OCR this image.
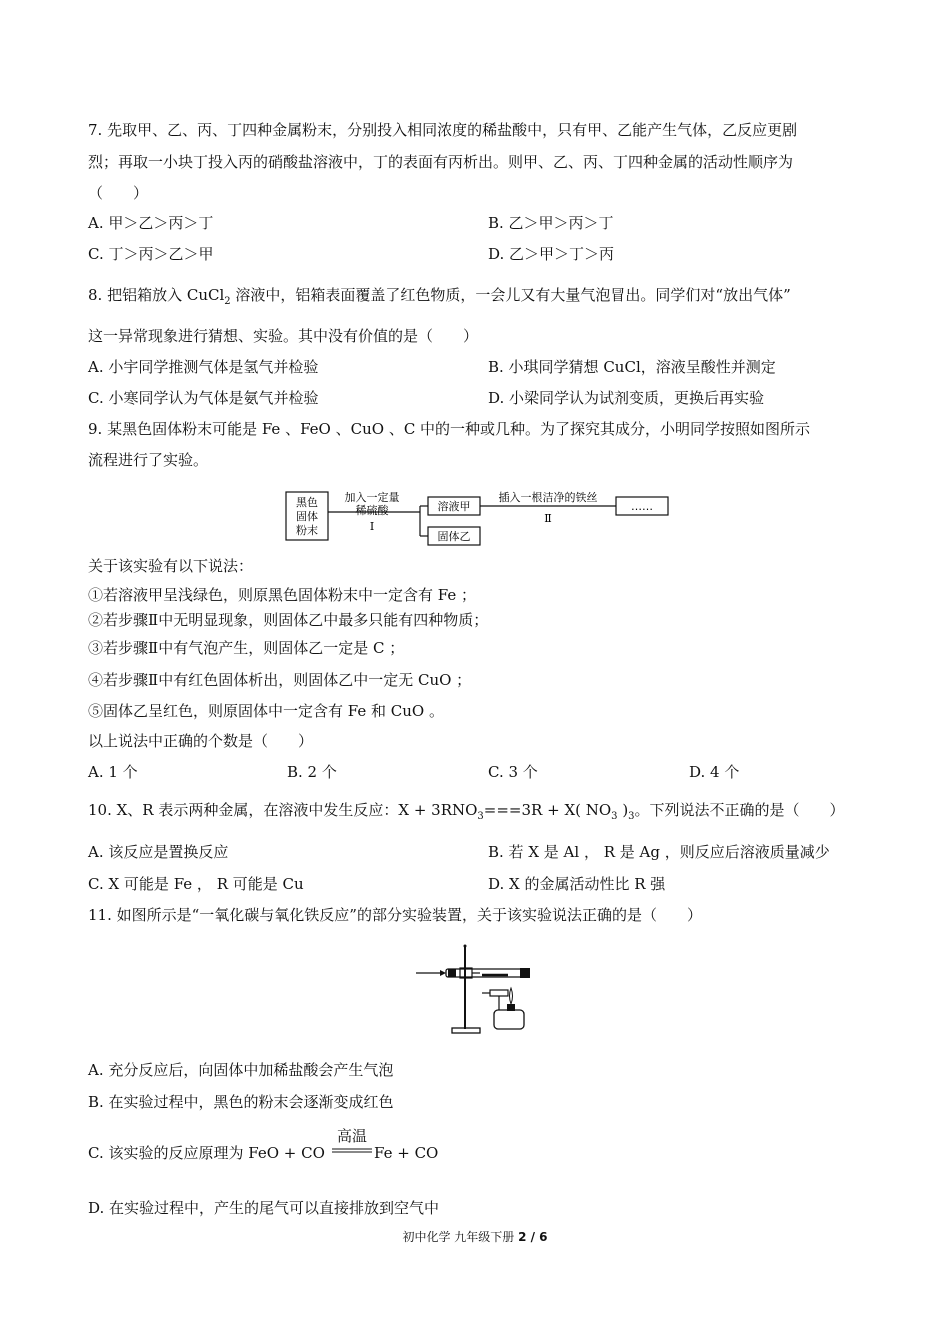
7. 先取甲、乙、丙、丁四种金属粉末，分别投入相同浓度的稀盐酸中，只有甲、乙能产生气体，乙反应更剧
烈；再取一小块丁投入丙的硝酸盐溶液中，丁的表面有丙析出。则甲、乙、丙、丁四种金属的活动性顺序为
（　　）
A. 甲＞乙＞丙＞丁	B. 乙＞甲＞丙＞丁
C. 丁＞丙＞乙＞甲	D. 乙＞甲＞丁＞丙
8. 把铝箱放入 CuCl$_2$ 溶液中，铝箱表面覆盖了红色物质，一会儿又有大量气泡冒出。同学们对“放出气体”
这一异常现象进行猜想、实验。其中没有价值的是（　　）
A. 小宇同学推测气体是氢气并检验	B. 小琪同学猜想 CuCl，溶液呈酸性并测定
C. 小寒同学认为气体是氨气并检验	D. 小梁同学认为试剂变质，更换后再实验
9. 某黑色固体粉末可能是 Fe 、FeO 、CuO 、C 中的一种或几种。为了探究其成分，小明同学按照如图所示
流程进行了实验。
黑色
固体
粉末
加入一定量
稀硫酸
Ⅰ
溶液甲
固体乙
插入一根洁净的铁丝
Ⅱ
……
关于该实验有以下说法：
①若溶液甲呈浅绿色，则原黑色固体粉末中一定含有 Fe ；
②若步骤Ⅱ中无明显现象，则固体乙中最多只能有四种物质；
③若步骤Ⅱ中有气泡产生，则固体乙一定是 C ；
④若步骤Ⅱ中有红色固体析出，则固体乙中一定无 CuO ；
⑤固体乙呈红色，则原固体中一定含有 Fe 和 CuO 。
以上说法中正确的个数是（　　）
A. 1 个	B. 2 个	C. 3 个	D. 4 个
10. X、R 表示两种金属，在溶液中发生反应：$X + 3RNO_3===3R + X$( $NO_3$ )$_3$。下列说法不正确的是（　　）
A. 该反应是置换反应	B. 若 X 是 Al ， R 是 Ag ，则反应后溶液质量减少
C. X 可能是 Fe ， R 可能是 Cu	D. X 的金属活动性比 R 强
11. 如图所示是“一氧化碳与氧化铁反应”的部分实验装置，关于该实验说法正确的是（　　）
A. 充分反应后，向固体中加稀盐酸会产生气泡
B. 在实验过程中，黑色的粉末会逐渐变成红色
C. 该实验的反应原理为 FeO + CO
高温
Fe + CO
D. 在实验过程中，产生的尾气可以直接排放到空气中
初中化学 九年级下册 2 / 6
